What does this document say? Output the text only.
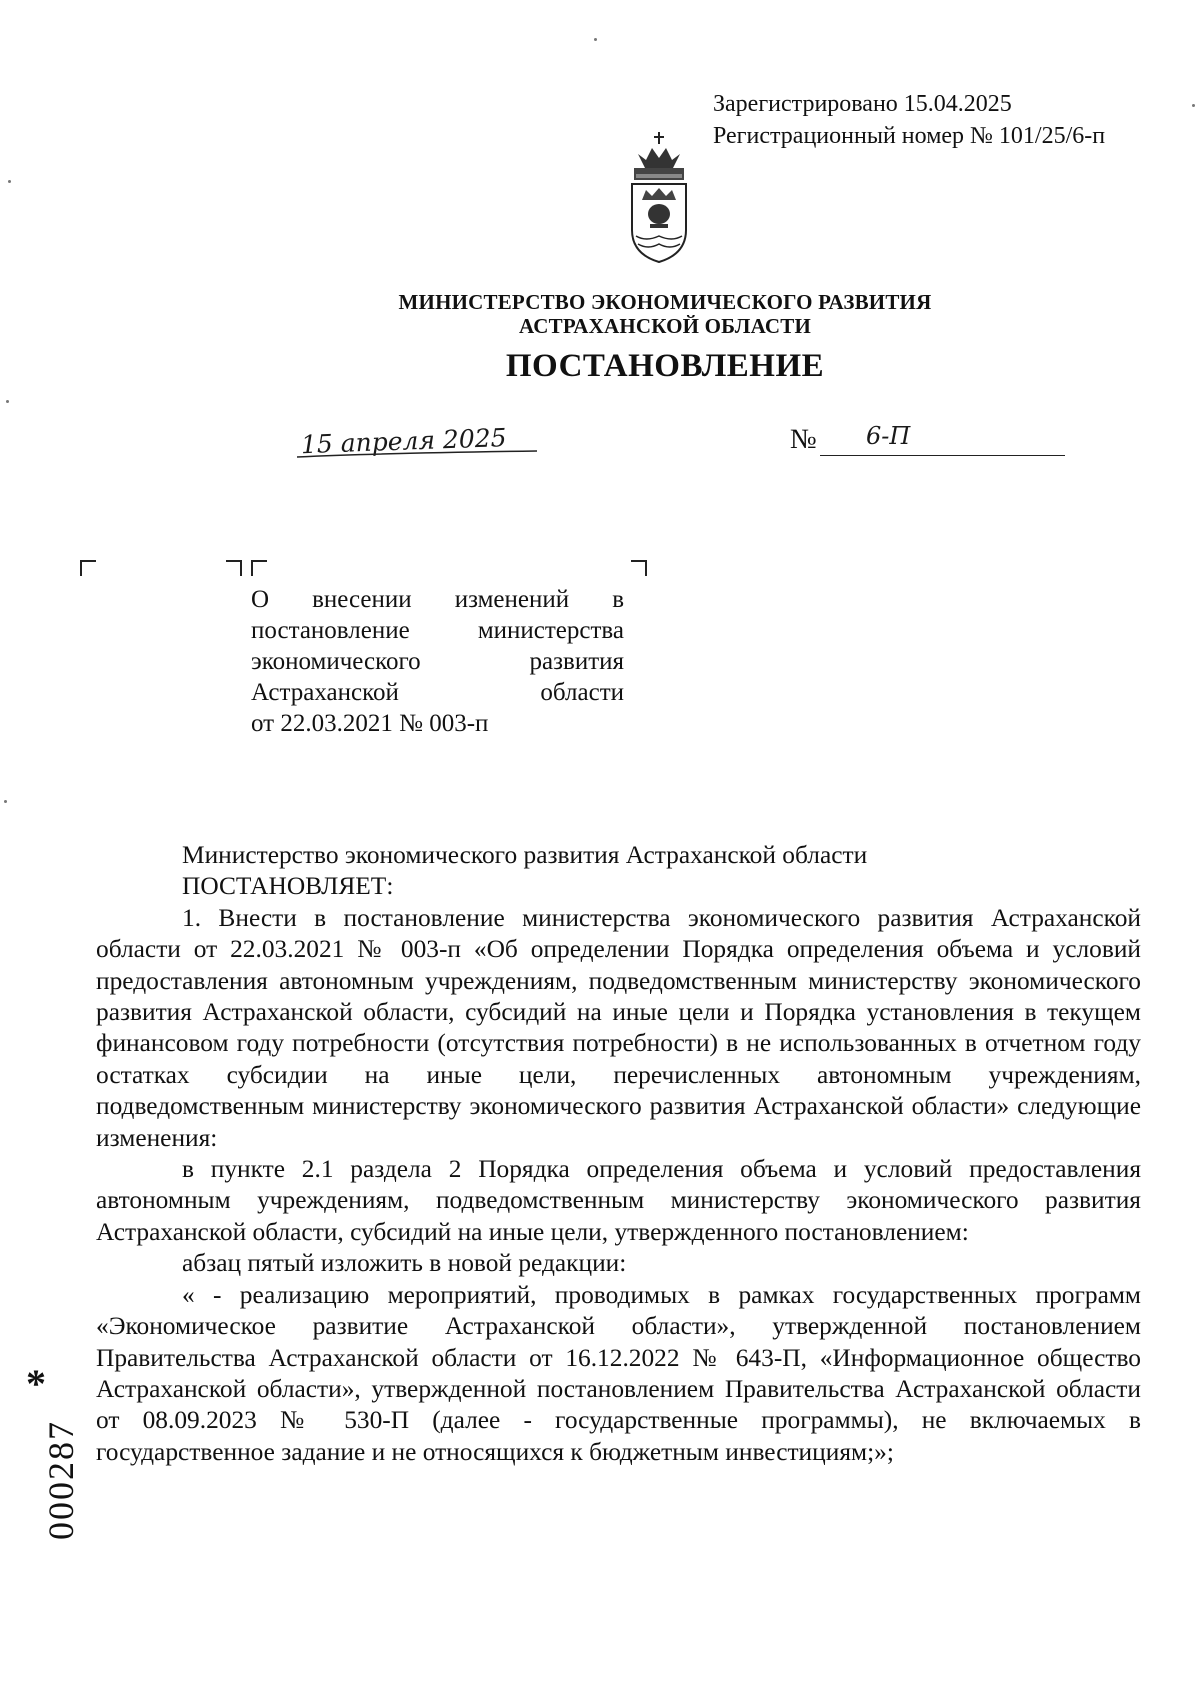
Зарегистрировано 15.04.2025
Регистрационный номер № 101/25/6-п
МИНИСТЕРСТВО ЭКОНОМИЧЕСКОГО РАЗВИТИЯ
АСТРАХАНСКОЙ ОБЛАСТИ
ПОСТАНОВЛЕНИЕ
15 апреля 2025	№ 6-П

О внесении изменений в

постановление министерства

экономического развития

Астраханской области

от 22.03.2021 № 003-п

Министерство экономического развития Астраханской области

ПОСТАНОВЛЯЕТ:

1. Внести в постановление министерства экономического развития Астраханской области от 22.03.2021 № 003-п «Об определении Порядка определения объема и условий предоставления автономным учреждениям, подведомственным министерству экономического развития Астраханской области, субсидий на иные цели и Порядка установления в текущем финансовом году потребности (отсутствия потребности) в не использованных в отчетном году остатках субсидии на иные цели, перечисленных автономным учреждениям, подведомственным министерству экономического развития Астраханской области» следующие изменения:

в пункте 2.1 раздела 2 Порядка определения объема и условий предоставления автономным учреждениям, подведомственным министерству экономического развития Астраханской области, субсидий на иные цели, утвержденного постановлением:

абзац пятый изложить в новой редакции:

« - реализацию мероприятий, проводимых в рамках государственных программ «Экономическое развитие Астраханской области», утвержденной постановлением Правительства Астраханской области от 16.12.2022 № 643-П, «Информационное общество Астраханской области», утвержденной постановлением Правительства Астраханской области от 08.09.2023 № 530-П (далее - государственные программы), не включаемых в государственное задание и не относящихся к бюджетным инвестициям;»;

*
000287
